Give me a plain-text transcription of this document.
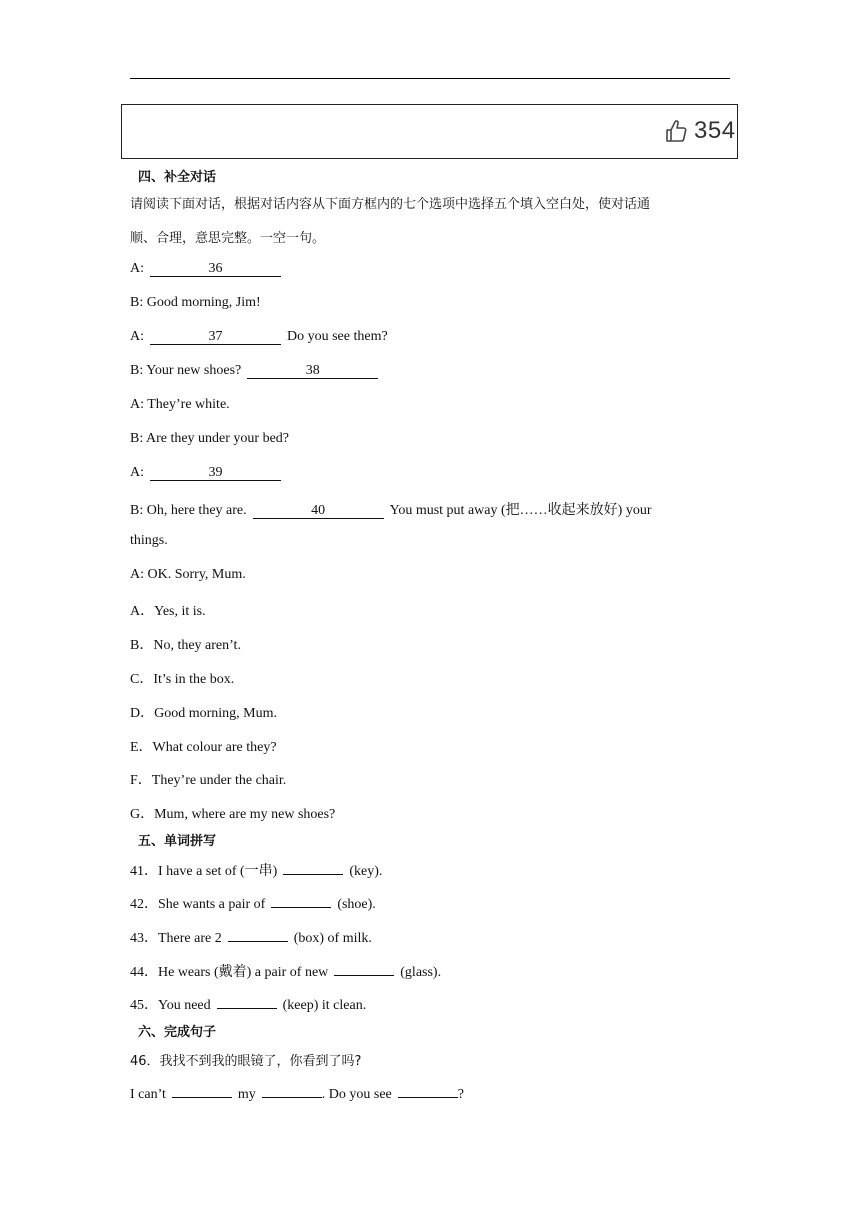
354
四、补全对话
请阅读下面对话，根据对话内容从下面方框内的七个选项中选择五个填入空白处，使对话通
顺、合理，意思完整。一空一句。
A:	36
B: Good morning, Jim!
A:	37	Do you see them?
B: Your new shoes?	38
A: They’re white.
B: Are they under your bed?
A:	39
B: Oh, here they are.	40	You must put away (把……收起来放好) your
things.
A: OK. Sorry, Mum.
A．Yes, it is.
B．No, they aren’t.
C．It’s in the box.
D．Good morning, Mum.
E．What colour are they?
F．They’re under the chair.
G．Mum, where are my new shoes?
五、单词拼写
41．I have a set of (一串)	(key).
42．She wants a pair of	(shoe).
43．There are 2	(box) of milk.
44．He wears (戴着) a pair of new	(glass).
45．You need	(keep) it clean.
六、完成句子
46．我找不到我的眼镜了，你看到了吗?
I can’t	my	. Do you see	?
